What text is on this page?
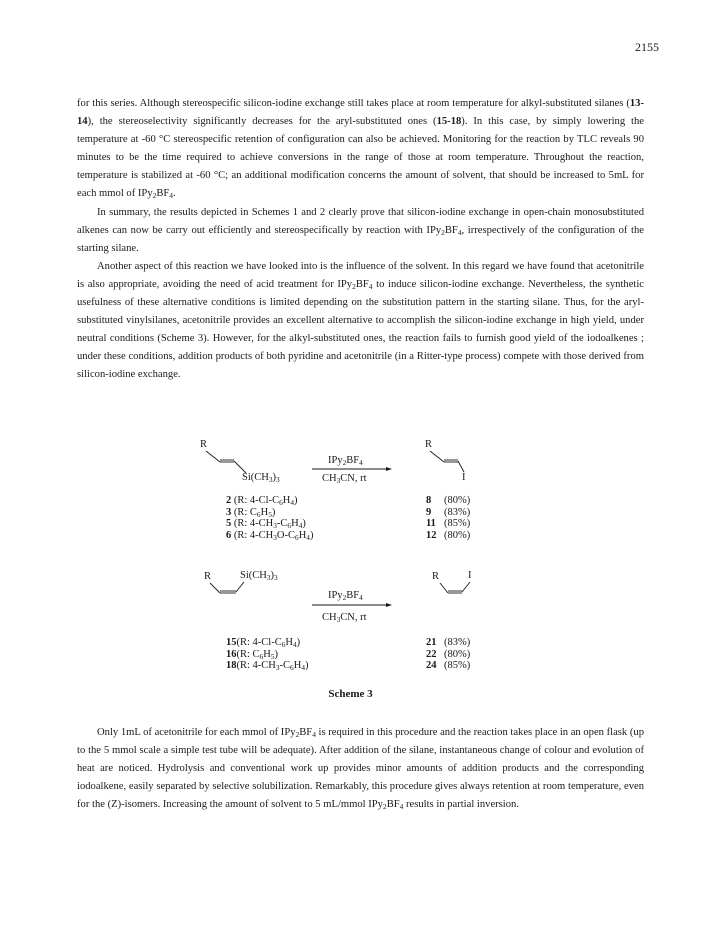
2155

for this series. Although stereospecific silicon-iodine exchange still takes place at room temperature for alkyl-substituted silanes (13-14), the stereoselectivity significantly decreases for the aryl-substituted ones (15-18). In this case, by simply lowering the temperature at -60 °C stereospecific retention of configuration can also be achieved. Monitoring for the reaction by TLC reveals 90 minutes to be the time required to achieve conversions in the range of those at room temperature. Throughout the reaction, temperature is stabilized at -60 °C; an additional modification concerns the amount of solvent, that should be increased to 5mL for each mmol of $IPy_2BF_4$.

In summary, the results depicted in Schemes 1 and 2 clearly prove that silicon-iodine exchange in open-chain monosubstituted alkenes can now be carry out efficiently and stereospecifically by reaction with $IPy_2BF_4$, irrespectively of the configuration of the starting silane.

Another aspect of this reaction we have looked into is the influence of the solvent. In this regard we have found that acetonitrile is also appropriate, avoiding the need of acid treatment for $IPy_2BF_4$ to induce silicon-iodine exchange. Nevertheless, the synthetic usefulness of these alternative conditions is limited depending on the substitution pattern in the starting silane. Thus, for the aryl-substituted vinylsilanes, acetonitrile provides an excellent alternative to accomplish the silicon-iodine exchange in high yield, under neutral conditions (Scheme 3). However, for the alkyl-substituted ones, the reaction fails to furnish good yield of the iodoalkenes ; under these conditions, addition products of both pyridine and acetonitrile (in a Ritter-type process) compete with those derived from silicon-iodine exchange.

R
$Si(CH_3)_3$
$IPy_2BF_4$
$CH_3CN$, rt
R
I
2 (R: $4-Cl-C_6H_4$)
3 (R: $C_6H_5$)
5 (R: $4-CH_3-C_6H_4$)
6 (R: $4-CH_3O-C_6H_4$)
8 (80%)
9 (83%)
11 (85%)
12 (80%)
R	$Si(CH_3)_3$
$IPy_2BF_4$
$CH_3CN$, rt
R	I
15(R: $4-Cl-C_6H_4$)
16(R: $C_6H_5$)
18(R: $4-CH_3-C_6H_4$)
21 (83%)
22 (80%)
24 (85%)
Scheme 3

Only 1mL of acetonitrile for each mmol of $IPy_2BF_4$ is required in this procedure and the reaction takes place in an open flask (up to the 5 mmol scale a simple test tube will be adequate). After addition of the silane, instantaneous change of colour and evolution of heat are noticed. Hydrolysis and conventional work up provides minor amounts of addition products and the corresponding iodoalkene, easily separated by selective solubilization. Remarkably, this procedure gives always retention at room temperature, even for the (Z)-isomers. Increasing the amount of solvent to 5 mL/mmol $IPy_2BF_4$ results in partial inversion.
